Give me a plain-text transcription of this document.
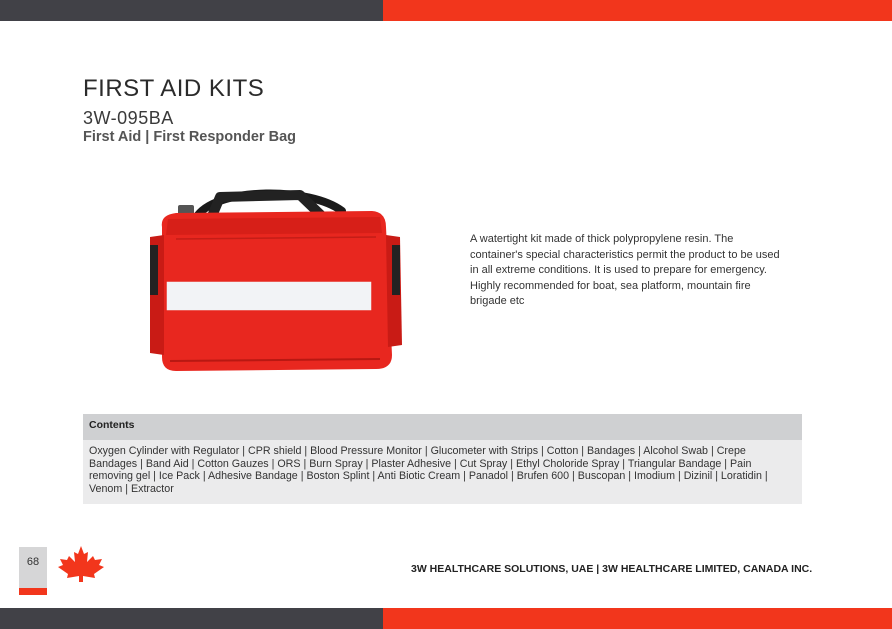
FIRST AID KITS
3W-095BA
First Aid | First Responder Bag

A watertight kit made of thick polypropylene resin. The container's special characteristics permit the product to be used in all extreme conditions. It is used to prepare for emergency. Highly recommended for boat, sea platform, mountain fire brigade etc

Contents
Oxygen Cylinder with Regulator | CPR shield | Blood Pressure Monitor | Glucometer with Strips | Cotton | Bandages | Alcohol Swab | Crepe Bandages | Band Aid | Cotton Gauzes | ORS | Burn Spray | Plaster Adhesive | Cut Spray | Ethyl Choloride Spray | Triangular Bandage | Pain removing gel | Ice Pack | Adhesive Bandage | Boston Splint | Anti Biotic Cream | Panadol | Brufen 600 | Buscopan | Imodium | Dizinil | Loratidin | Venom | Extractor
68
3W HEALTHCARE SOLUTIONS, UAE | 3W HEALTHCARE LIMITED, CANADA INC.
